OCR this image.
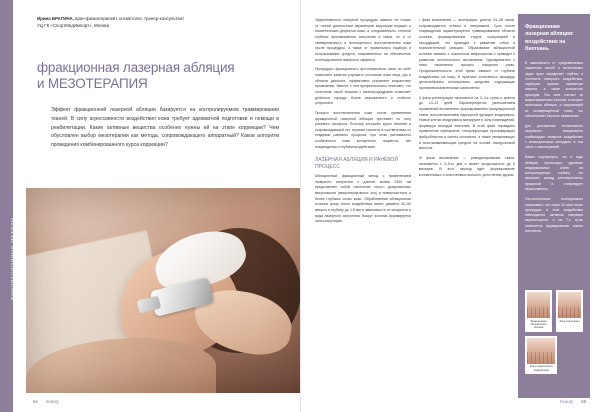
ИННОВАЦИОННЫЕ МЕТОДЫ
Ирина БРАГИНА, врач-физиотерапевт, косметолог, тренер-консультант
УЦ ГК «СпортМедИмпорт», Москва
фракционная лазерная абляция
и МЕЗОТЕРАПИЯ
Эффект фракционной лазерной абляции базируется на контролируемом травмировании тканей. В силу агрессивности воздействия кожа требует адекватной подготовки и помощи в реабилитации. Какие активные вещества особенно нужны ей на этапе коррекции? Чем обусловлен выбор мезотерапии как метода, сопровождающего аппаратный? Каков алгоритм проведения комбинированного курса коррекции?
64 beauty

Эффективность лазерной процедуры зависит не только от точной диагностики параметров коррекции морщин и косметических дефектов кожи, а, следовательно, степени глубины проникновения излучения в ткани, но и от своевременного и полноценного восстановления кожи после процедуры, а также от правильного подбора и использования средств, направленных на обеспечение потенцирования лазерного эффекта.

Процедуры фракционного фототермолиза сами по себе позволяют заметно улучшить состояние кожи лица, рук и области декольте, эффективно устраняют возрастные проявления. Вместе с тем профессионалы отмечают, что сочетание такой терапии с мезопроцедурами позволяет добиться гораздо более выраженного и стойкого результата.

Процесс восстановления кожи после применения фракционной лазерной абляции протекает по типу раневого процесса. Поэтому алгоритм курса лечения и сопровождающей его терапии строится в соответствии со стадиями раневого процесса, при этом учитываются особенности кожи конкретного пациента, тип повреждения и глубина воздействия.

ЛАЗЕРНАЯ АБЛЯЦИЯ И РАНЕВОЙ ПРОЦЕСС

Абляционный фракционный метод с применением лазерного излучения с длиной волны 2940 нм представляет собой нанесение строго дозированных микроожогов (микротермальных зон) в поверхностных и более глубоких слоях кожи. Обработанная абляционная колонка сразу после воздействия имеет диаметр 40–60 микрон и глубину до 1,5 мм в зависимости от мощности и вида лазерного излучения. Вокруг колонки формируется зона коагуляции.

I фаза воспаления — альтерация, длится 24–48 часов, сопровождается отёком и гиперемией. Срок после повреждения характеризуется травмированием области колонки, формированием струпа, коагуляцией и экссудацией, что приводит к развитию отёка и воспалительной реакции. Образование абляционной колонки связано с локальным микроожогом и приводит к развитию асептического воспаления. Одновременно с этим начинается процесс очищения раны. Продолжительность этой фазы зависит от глубины воздействия на кожу. В практике сочетанных процедур целесообразно использовать средства, содержащие противовоспалительные компоненты.

II фаза регенерации начинается на 3–4-е сутки и длится до 14–21 дней. Характеризуется уменьшением проявлений воспаления, формированием грануляционной ткани, восстановлением барьерной функции эпидермиса. Новые клетки эпидермиса мигрируют в зону повреждения, формируя молодой эпителий. В этой фазе оправдано применение препаратов, стимулирующих пролиферацию фибробластов и синтез коллагена, а также увлажняющих и восстанавливающих средств на основе гиалуроновой кислоты.

III фаза воспаления — ремоделирование ткани, начинается с 3–5-го дня и может продолжаться до 6 месяцев. В этот период идёт формирование коллагеновых и эластиновых волокон, уплотнение дермы.

Фракционная лазерная абляция: воздействие на биоткань

В зависимости от предъявляемых пациентом жалоб и эстетических задач врач определяет глубину и плотность лазерного воздействия, подбирая нужные параметры энергии, а также количество проходов. Эта зона состоит из микротермальных колонок, в которых произошла абляция, и окружающей их неповреждённой ткани, что обеспечивает быстрое заживление.

Для достижения оптимального результата специалисты комбинируют лазерное воздействие с инъекционными методами, в том числе с мезотерапией.

Важно подчеркнуть, что в ходе абляции происходит удаление эпидермальных слоёв на контролируемую глубину, что запускает каскад регенеративных процессов и стимулирует неоколлагенез.

Гистологические исследования показывают, что через 24 часа после процедуры в зоне воздействия наблюдается активная миграция кератиноцитов, а на 7-е сутки отмечается формирование нового коллагена.

Фракционная абляционная колонка
Зона коагуляции
Зона термического воздействия
beauty 65
